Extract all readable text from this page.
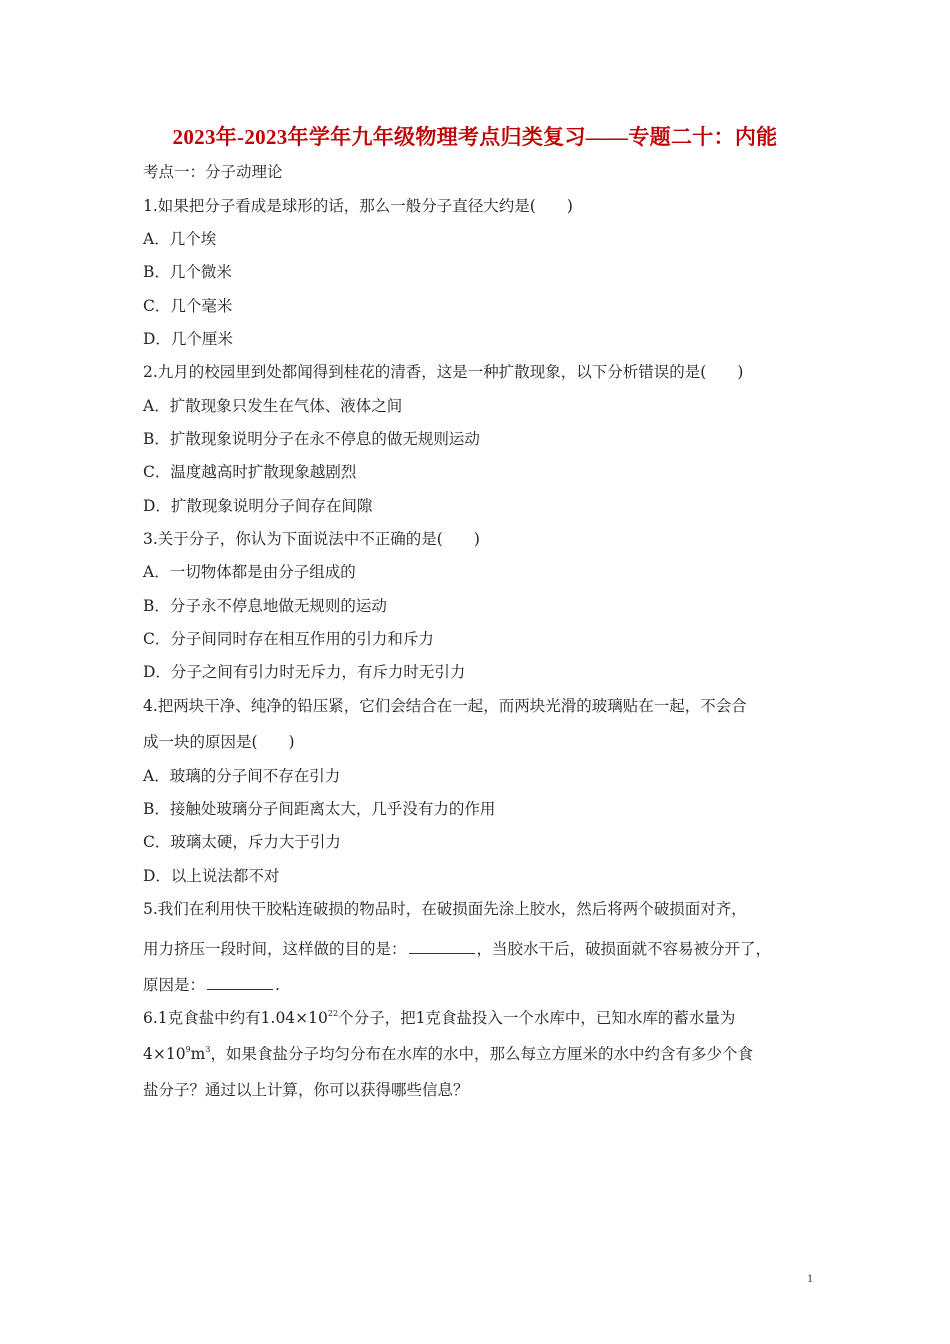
2023年-2023年学年九年级物理考点归类复习——专题二十：内能
考点一：分子动理论
1.如果把分子看成是球形的话，那么一般分子直径大约是(　　)
A．几个埃
B．几个微米
C．几个毫米
D．几个厘米
2.九月的校园里到处都闻得到桂花的清香，这是一种扩散现象，以下分析错误的是(　　)
A．扩散现象只发生在气体、液体之间
B．扩散现象说明分子在永不停息的做无规则运动
C．温度越高时扩散现象越剧烈
D．扩散现象说明分子间存在间隙
3.关于分子，你认为下面说法中不正确的是(　　)
A．一切物体都是由分子组成的
B．分子永不停息地做无规则的运动
C．分子间同时存在相互作用的引力和斥力
D．分子之间有引力时无斥力，有斥力时无引力
4.把两块干净、纯净的铅压紧，它们会结合在一起，而两块光滑的玻璃贴在一起，不会合
成一块的原因是(　　)
A．玻璃的分子间不存在引力
B．接触处玻璃分子间距离太大，几乎没有力的作用
C．玻璃太硬，斥力大于引力
D．以上说法都不对
5.我们在利用快干胶粘连破损的物品时，在破损面先涂上胶水，然后将两个破损面对齐，
用力挤压一段时间，这样做的目的是：	，当胶水干后，破损面就不容易被分开了，
原因是：	.
6.1克食盐中约有$1.04\times 10^{22}$个分子，把1克食盐投入一个水库中，已知水库的蓄水量为
$4\times 10^9m^3$，如果食盐分子均匀分布在水库的水中，那么每立方厘米的水中约含有多少个食
盐分子？通过以上计算，你可以获得哪些信息？
1
